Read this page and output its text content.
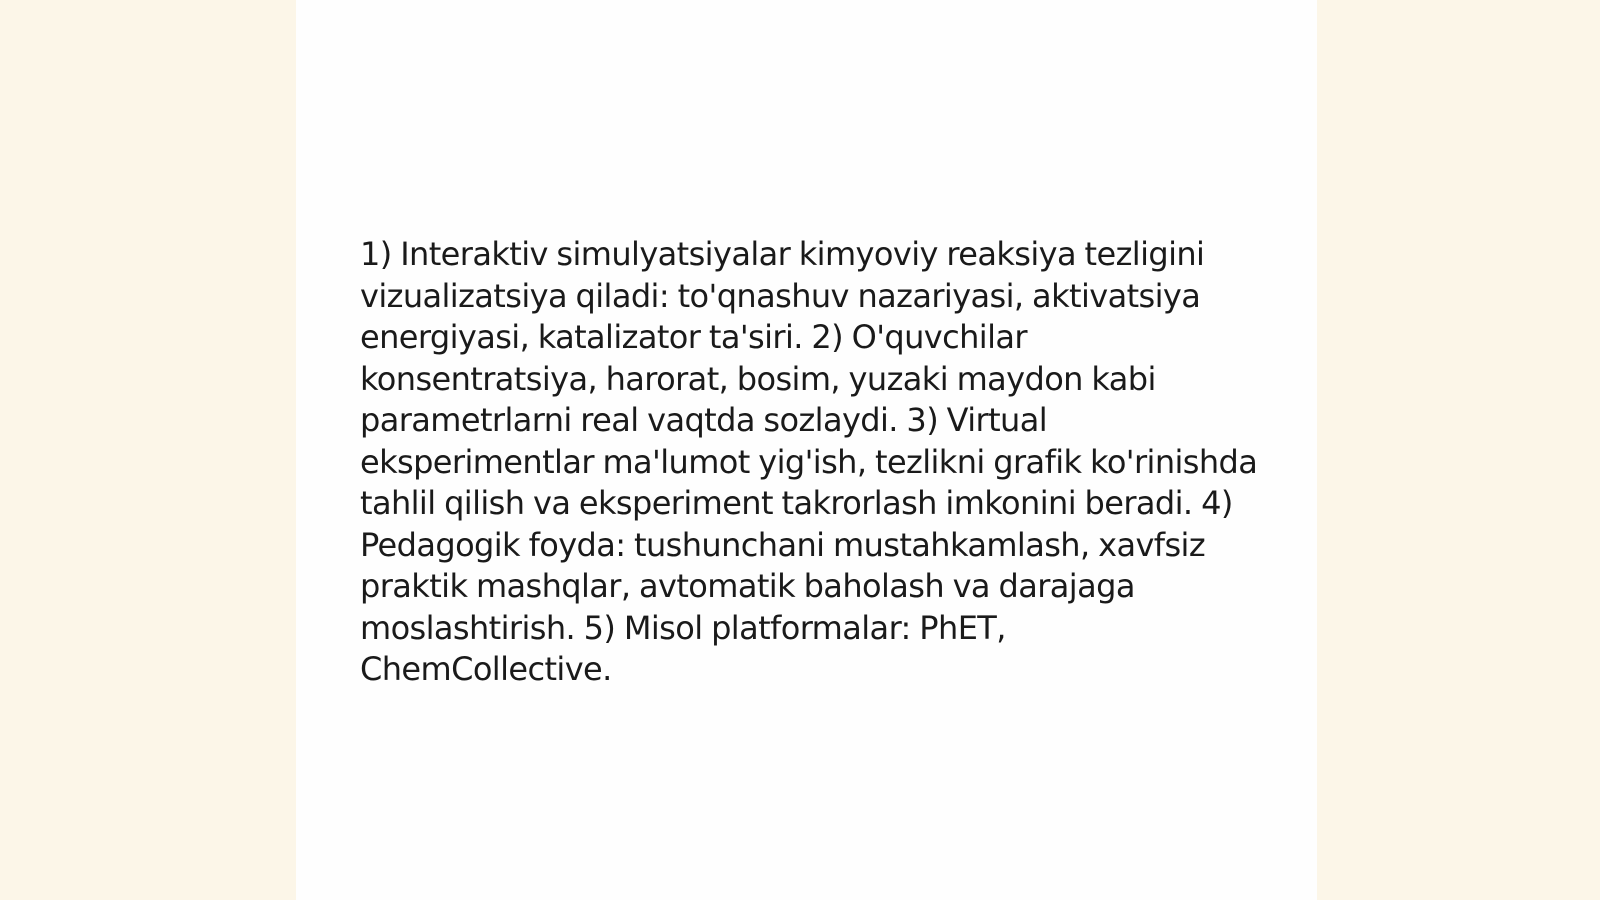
1) Interaktiv simulyatsiyalar kimyoviy reaksiya tezligini vizualizatsiya qiladi: to'qnashuv nazariyasi, aktivatsiya energiyasi, katalizator ta'siri. 2) O'quvchilar konsentratsiya, harorat, bosim, yuzaki maydon kabi parametrlarni real vaqtda sozlaydi. 3) Virtual eksperimentlar ma'lumot yig'ish, tezlikni grafik ko'rinishda tahlil qilish va eksperiment takrorlash imkonini beradi. 4) Pedagogik foyda: tushunchani mustahkamlash, xavfsiz praktik mashqlar, avtomatik baholash va darajaga moslashtirish. 5) Misol platformalar: PhET, ChemCollective.
